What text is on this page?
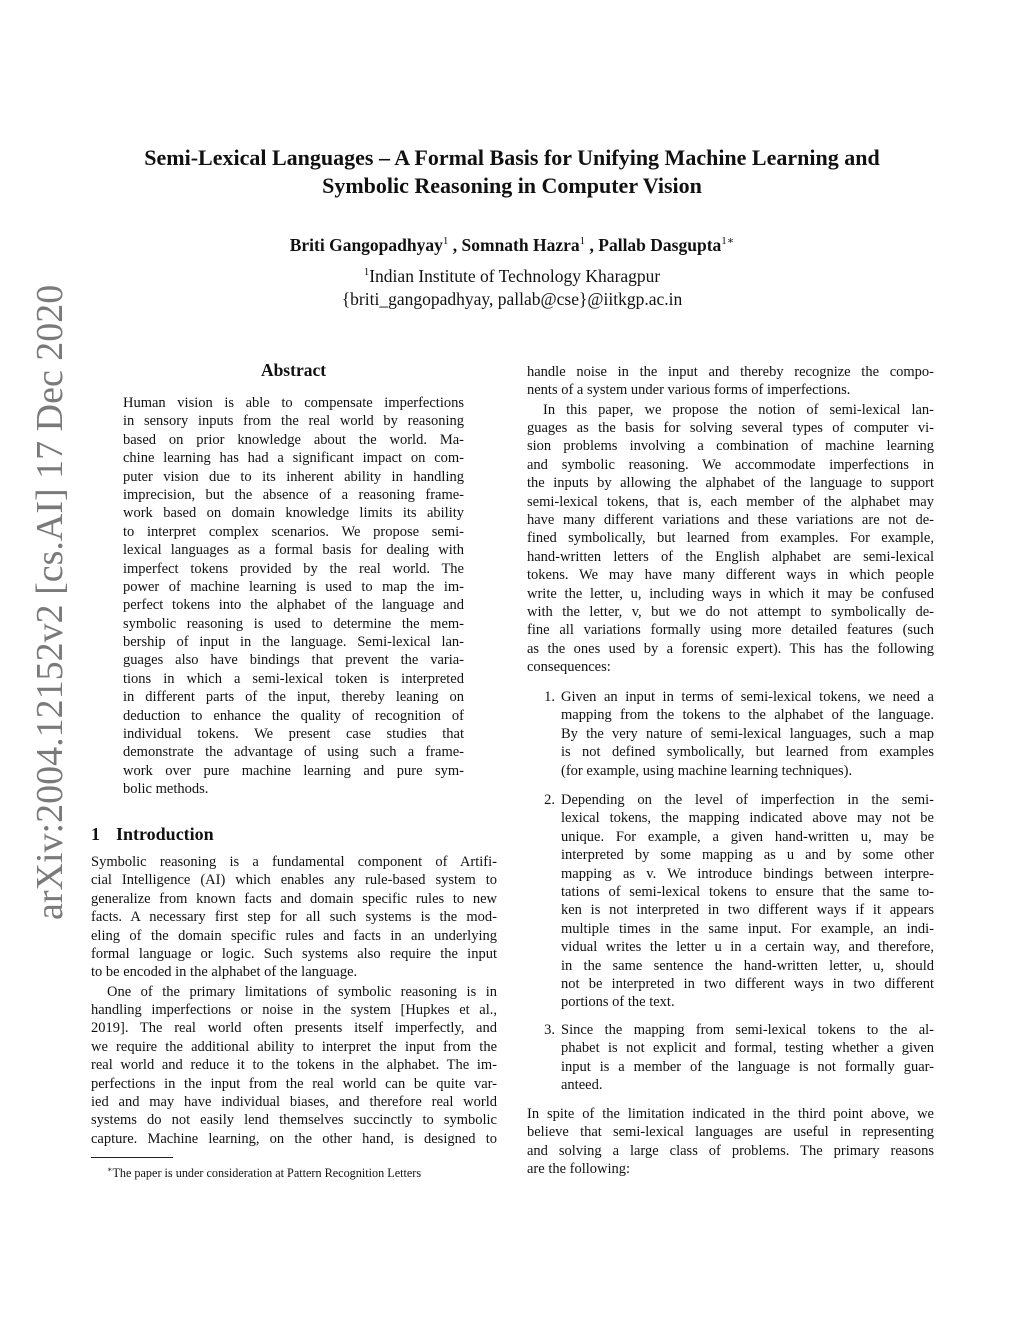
Semi-Lexical Languages – A Formal Basis for Unifying Machine Learning and
Symbolic Reasoning in Computer Vision
Briti Gangopadhyay$^1$ , Somnath Hazra$^1$ , Pallab Dasgupta$^{1∗}$
$^1$Indian Institute of Technology Kharagpur
{briti_gangopadhyay, pallab@cse}@iitkgp.ac.in
arXiv:2004.12152v2 [cs.AI] 17 Dec 2020	Abstract
Human vision is able to compensate imperfections
in sensory inputs from the real world by reasoning
based on prior knowledge about the world. Ma-
chine learning has had a significant impact on com-
puter vision due to its inherent ability in handling
imprecision, but the absence of a reasoning frame-
work based on domain knowledge limits its ability
to interpret complex scenarios. We propose semi-
lexical languages as a formal basis for dealing with
imperfect tokens provided by the real world. The
power of machine learning is used to map the im-
perfect tokens into the alphabet of the language and
symbolic reasoning is used to determine the mem-
bership of input in the language. Semi-lexical lan-
guages also have bindings that prevent the varia-
tions in which a semi-lexical token is interpreted
in different parts of the input, thereby leaning on
deduction to enhance the quality of recognition of
individual tokens. We present case studies that
demonstrate the advantage of using such a frame-
work over pure machine learning and pure sym-
bolic methods.
1 Introduction
Symbolic reasoning is a fundamental component of Artifi-
cial Intelligence (AI) which enables any rule-based system to
generalize from known facts and domain specific rules to new
facts. A necessary first step for all such systems is the mod-
eling of the domain specific rules and facts in an underlying
formal language or logic. Such systems also require the input
to be encoded in the alphabet of the language.
One of the primary limitations of symbolic reasoning is in
handling imperfections or noise in the system [Hupkes et al.,
2019]. The real world often presents itself imperfectly, and
we require the additional ability to interpret the input from the
real world and reduce it to the tokens in the alphabet. The im-
perfections in the input from the real world can be quite var-
ied and may have individual biases, and therefore real world
systems do not easily lend themselves succinctly to symbolic
capture. Machine learning, on the other hand, is designed to
∗The paper is under consideration at Pattern Recognition Letters
handle noise in the input and thereby recognize the compo-
nents of a system under various forms of imperfections.
In this paper, we propose the notion of semi-lexical lan-
guages as the basis for solving several types of computer vi-
sion problems involving a combination of machine learning
and symbolic reasoning. We accommodate imperfections in
the inputs by allowing the alphabet of the language to support
semi-lexical tokens, that is, each member of the alphabet may
have many different variations and these variations are not de-
fined symbolically, but learned from examples. For example,
hand-written letters of the English alphabet are semi-lexical
tokens. We may have many different ways in which people
write the letter, u, including ways in which it may be confused
with the letter, v, but we do not attempt to symbolically de-
fine all variations formally using more detailed features (such
as the ones used by a forensic expert). This has the following
consequences:
1. Given an input in terms of semi-lexical tokens, we need a
mapping from the tokens to the alphabet of the language.
By the very nature of semi-lexical languages, such a map
is not defined symbolically, but learned from examples
(for example, using machine learning techniques).
2. Depending on the level of imperfection in the semi-
lexical tokens, the mapping indicated above may not be
unique. For example, a given hand-written u, may be
interpreted by some mapping as u and by some other
mapping as v. We introduce bindings between interpre-
tations of semi-lexical tokens to ensure that the same to-
ken is not interpreted in two different ways if it appears
multiple times in the same input. For example, an indi-
vidual writes the letter u in a certain way, and therefore,
in the same sentence the hand-written letter, u, should
not be interpreted in two different ways in two different
portions of the text.
3. Since the mapping from semi-lexical tokens to the al-
phabet is not explicit and formal, testing whether a given
input is a member of the language is not formally guar-
anteed.
In spite of the limitation indicated in the third point above, we
believe that semi-lexical languages are useful in representing
and solving a large class of problems. The primary reasons
are the following:
